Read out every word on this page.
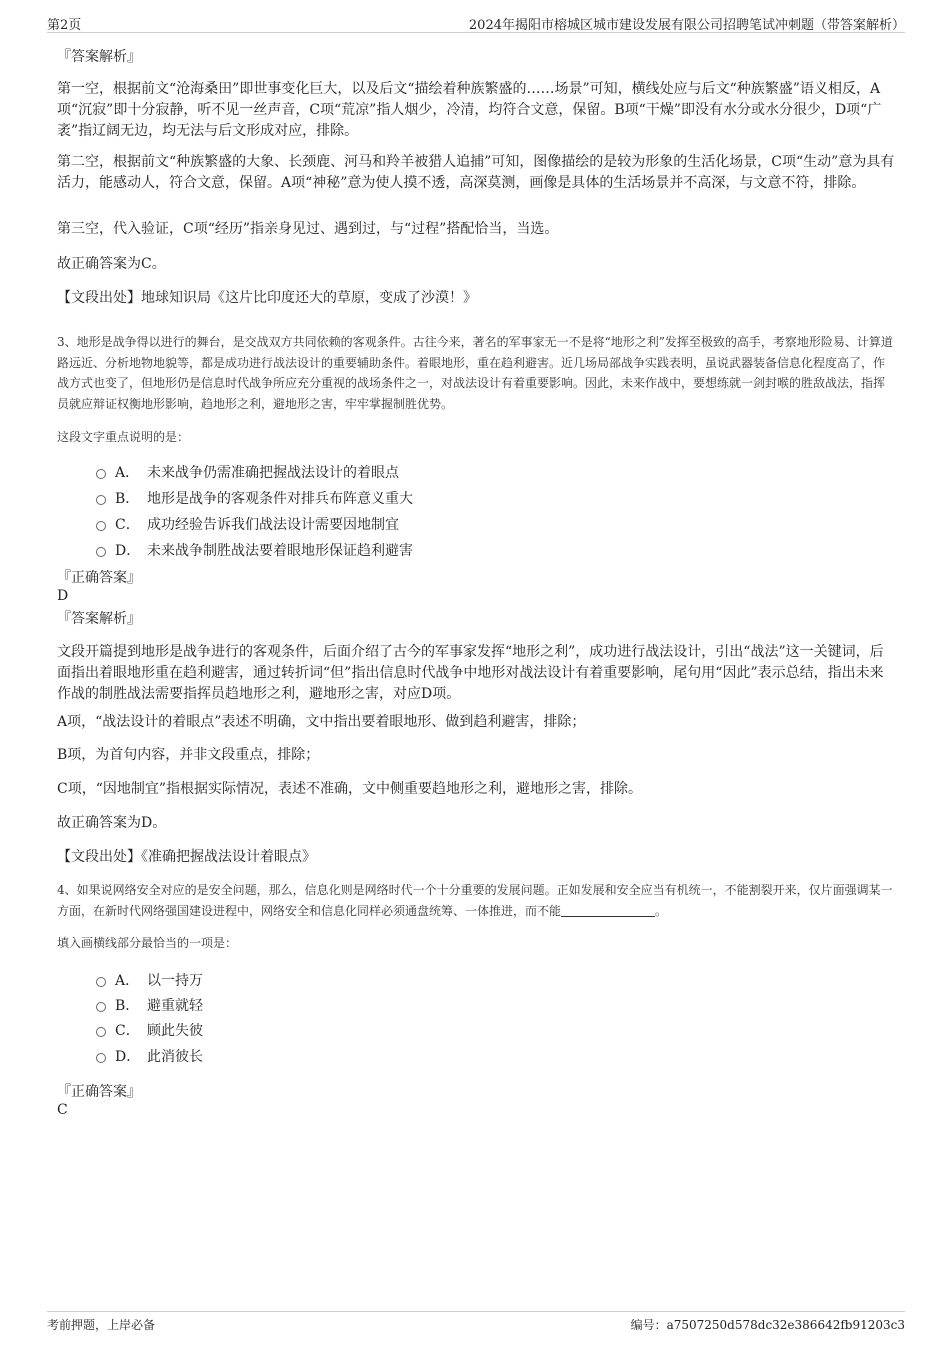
第2页	2024年揭阳市榕城区城市建设发展有限公司招聘笔试冲刺题（带答案解析）

『答案解析』

第一空，根据前文“沧海桑田”即世事变化巨大，以及后文“描绘着种族繁盛的……场景”可知，横线处应与后文“种族繁盛”语义相反，A项“沉寂”即十分寂静，听不见一丝声音，C项“荒凉”指人烟少，冷清，均符合文意，保留。B项“干燥”即没有水分或水分很少，D项“广袤”指辽阔无边，均无法与后文形成对应，排除。

第二空，根据前文“种族繁盛的大象、长颈鹿、河马和羚羊被猎人追捕”可知，图像描绘的是较为形象的生活化场景，C项“生动”意为具有活力，能感动人，符合文意，保留。A项“神秘”意为使人摸不透，高深莫测，画像是具体的生活场景并不高深，与文意不符，排除。

第三空，代入验证，C项“经历”指亲身见过、遇到过，与“过程”搭配恰当，当选。

故正确答案为C。

【文段出处】地球知识局《这片比印度还大的草原，变成了沙漠！》

3、地形是战争得以进行的舞台，是交战双方共同依赖的客观条件。古往今来，著名的军事家无一不是将“地形之利”发挥至极致的高手，考察地形险易、计算道路远近、分析地物地貌等，都是成功进行战法设计的重要辅助条件。着眼地形，重在趋利避害。近几场局部战争实践表明，虽说武器装备信息化程度高了，作战方式也变了，但地形仍是信息时代战争所应充分重视的战场条件之一，对战法设计有着重要影响。因此，未来作战中，要想练就一剑封喉的胜敌战法，指挥员就应辩证权衡地形影响，趋地形之利，避地形之害，牢牢掌握制胜优势。

这段文字重点说明的是：

A． 未来战争仍需准确把握战法设计的着眼点
B． 地形是战争的客观条件对排兵布阵意义重大
C． 成功经验告诉我们战法设计需要因地制宜
D． 未来战争制胜战法要着眼地形保证趋利避害

『正确答案』

D

『答案解析』

文段开篇提到地形是战争进行的客观条件，后面介绍了古今的军事家发挥“地形之利”，成功进行战法设计，引出“战法”这一关键词，后面指出着眼地形重在趋利避害，通过转折词“但”指出信息时代战争中地形对战法设计有着重要影响，尾句用“因此”表示总结，指出未来作战的制胜战法需要指挥员趋地形之利，避地形之害，对应D项。

A项，“战法设计的着眼点”表述不明确，文中指出要着眼地形、做到趋利避害，排除；

B项，为首句内容，并非文段重点，排除；

C项，“因地制宜”指根据实际情况，表述不准确，文中侧重要趋地形之利，避地形之害，排除。

故正确答案为D。

【文段出处】《准确把握战法设计着眼点》

4、如果说网络安全对应的是安全问题，那么，信息化则是网络时代一个十分重要的发展问题。正如发展和安全应当有机统一，不能割裂开来，仅片面强调某一方面，在新时代网络强国建设进程中，网络安全和信息化同样必须通盘统筹、一体推进，而不能	。

填入画横线部分最恰当的一项是：

A． 以一持万
B． 避重就轻
C． 顾此失彼
D． 此消彼长

『正确答案』

C

考前押题，上岸必备	编号：a7507250d578dc32e386642fb91203c3
